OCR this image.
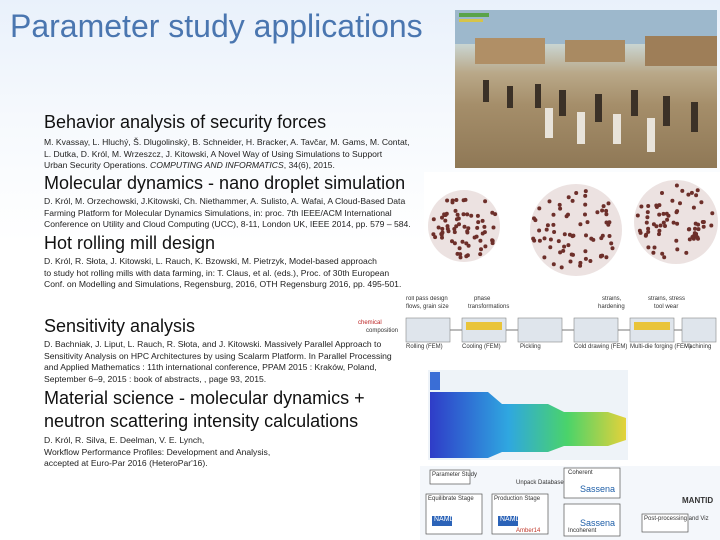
Parameter study applications
roll pass design
flows, grain size
phase
transformations
strains,
hardening
strains, stress
tool wear
Rolling (FEM)	Cooling (FEM)	Pickling	Cold drawing (FEM) Multi-die forging (FEM)
Machining
chemical
composition
Parameter Study
Equilibrate Stage	Production Stage
Coherent
Unpack Database
Post-processing and Viz
Incoherent
Amber14
Sassena
Sassena
NAMD	NAMD
MANTID
Behavior analysis of security forces
M. Kvassay, L. Hluchý, Š. Dlugolinský, B. Schneider, H. Bracker, A. Tavčar, M. Gams, M. Contat,
L. Dutka, D. Król, M. Wrzeszcz, J. Kitowski, A Novel Way of Using Simulations to Support
Urban Security Operations. COMPUTING AND INFORMATICS, 34(6), 2015.
Molecular dynamics - nano droplet simulation
D. Król, M. Orzechowski, J.Kitowski, Ch. Niethammer, A. Sulisto, A. Wafai, A Cloud-Based Data
Farming Platform for Molecular Dynamics Simulations, in: proc. 7th IEEE/ACM International
Conference on Utility and Cloud Computing (UCC), 8-11, London UK, IEEE 2014, pp. 579 – 584.
Hot rolling mill design
D. Król, R. Słota, J. Kitowski, L. Rauch, K. Bzowski, M. Pietrzyk, Model-based approach
to study hot rolling mills with data farming, in: T. Claus, et al. (eds.), Proc. of 30th European
Conf. on Modelling and Simulations, Regensburg, 2016, OTH Regensburg 2016, pp. 495-501.
Sensitivity analysis
D. Bachniak, J. Liput, L. Rauch, R. Słota, and J. Kitowski. Massively Parallel Approach to
Sensitivity Analysis on HPC Architectures by using Scalarm Platform. In Parallel Processing
and Applied Mathematics : 11th international conference, PPAM 2015 : Kraków, Poland,
September 6–9, 2015 : book of abstracts, , page 93, 2015.
Material science - molecular dynamics +
neutron scattering intensity calculations
D. Król, R. Silva, E. Deelman, V. E. Lynch,
Workflow Performance Profiles: Development and Analysis,
accepted at Euro-Par 2016 (HeteroPar'16).
